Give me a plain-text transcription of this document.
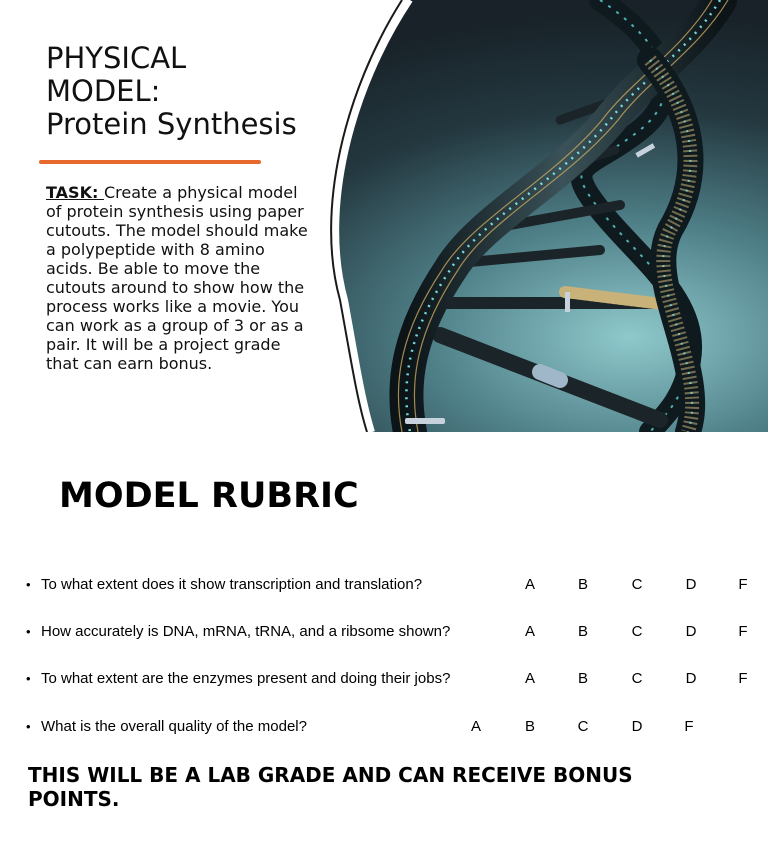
PHYSICAL
MODEL:
Protein Synthesis

TASK: Create a physical model of protein synthesis using paper cutouts. The model should make a polypeptide with 8 amino acids. Be able to move the cutouts around to show how the process works like a movie. You can work as a group of 3 or as a pair. It will be a project grade that can earn bonus.

MODEL RUBRIC
• To what extent does it show transcription and translation?	A	B	C	D	F
• How accurately is DNA, mRNA, tRNA, and a ribsome shown?	A	B	C	D	F
• To what extent are the enzymes present and doing their jobs?	A	B	C	D	F
• What is the overall quality of the model?	A	B	C	D	F

THIS WILL BE A LAB GRADE AND CAN RECEIVE BONUS POINTS.
